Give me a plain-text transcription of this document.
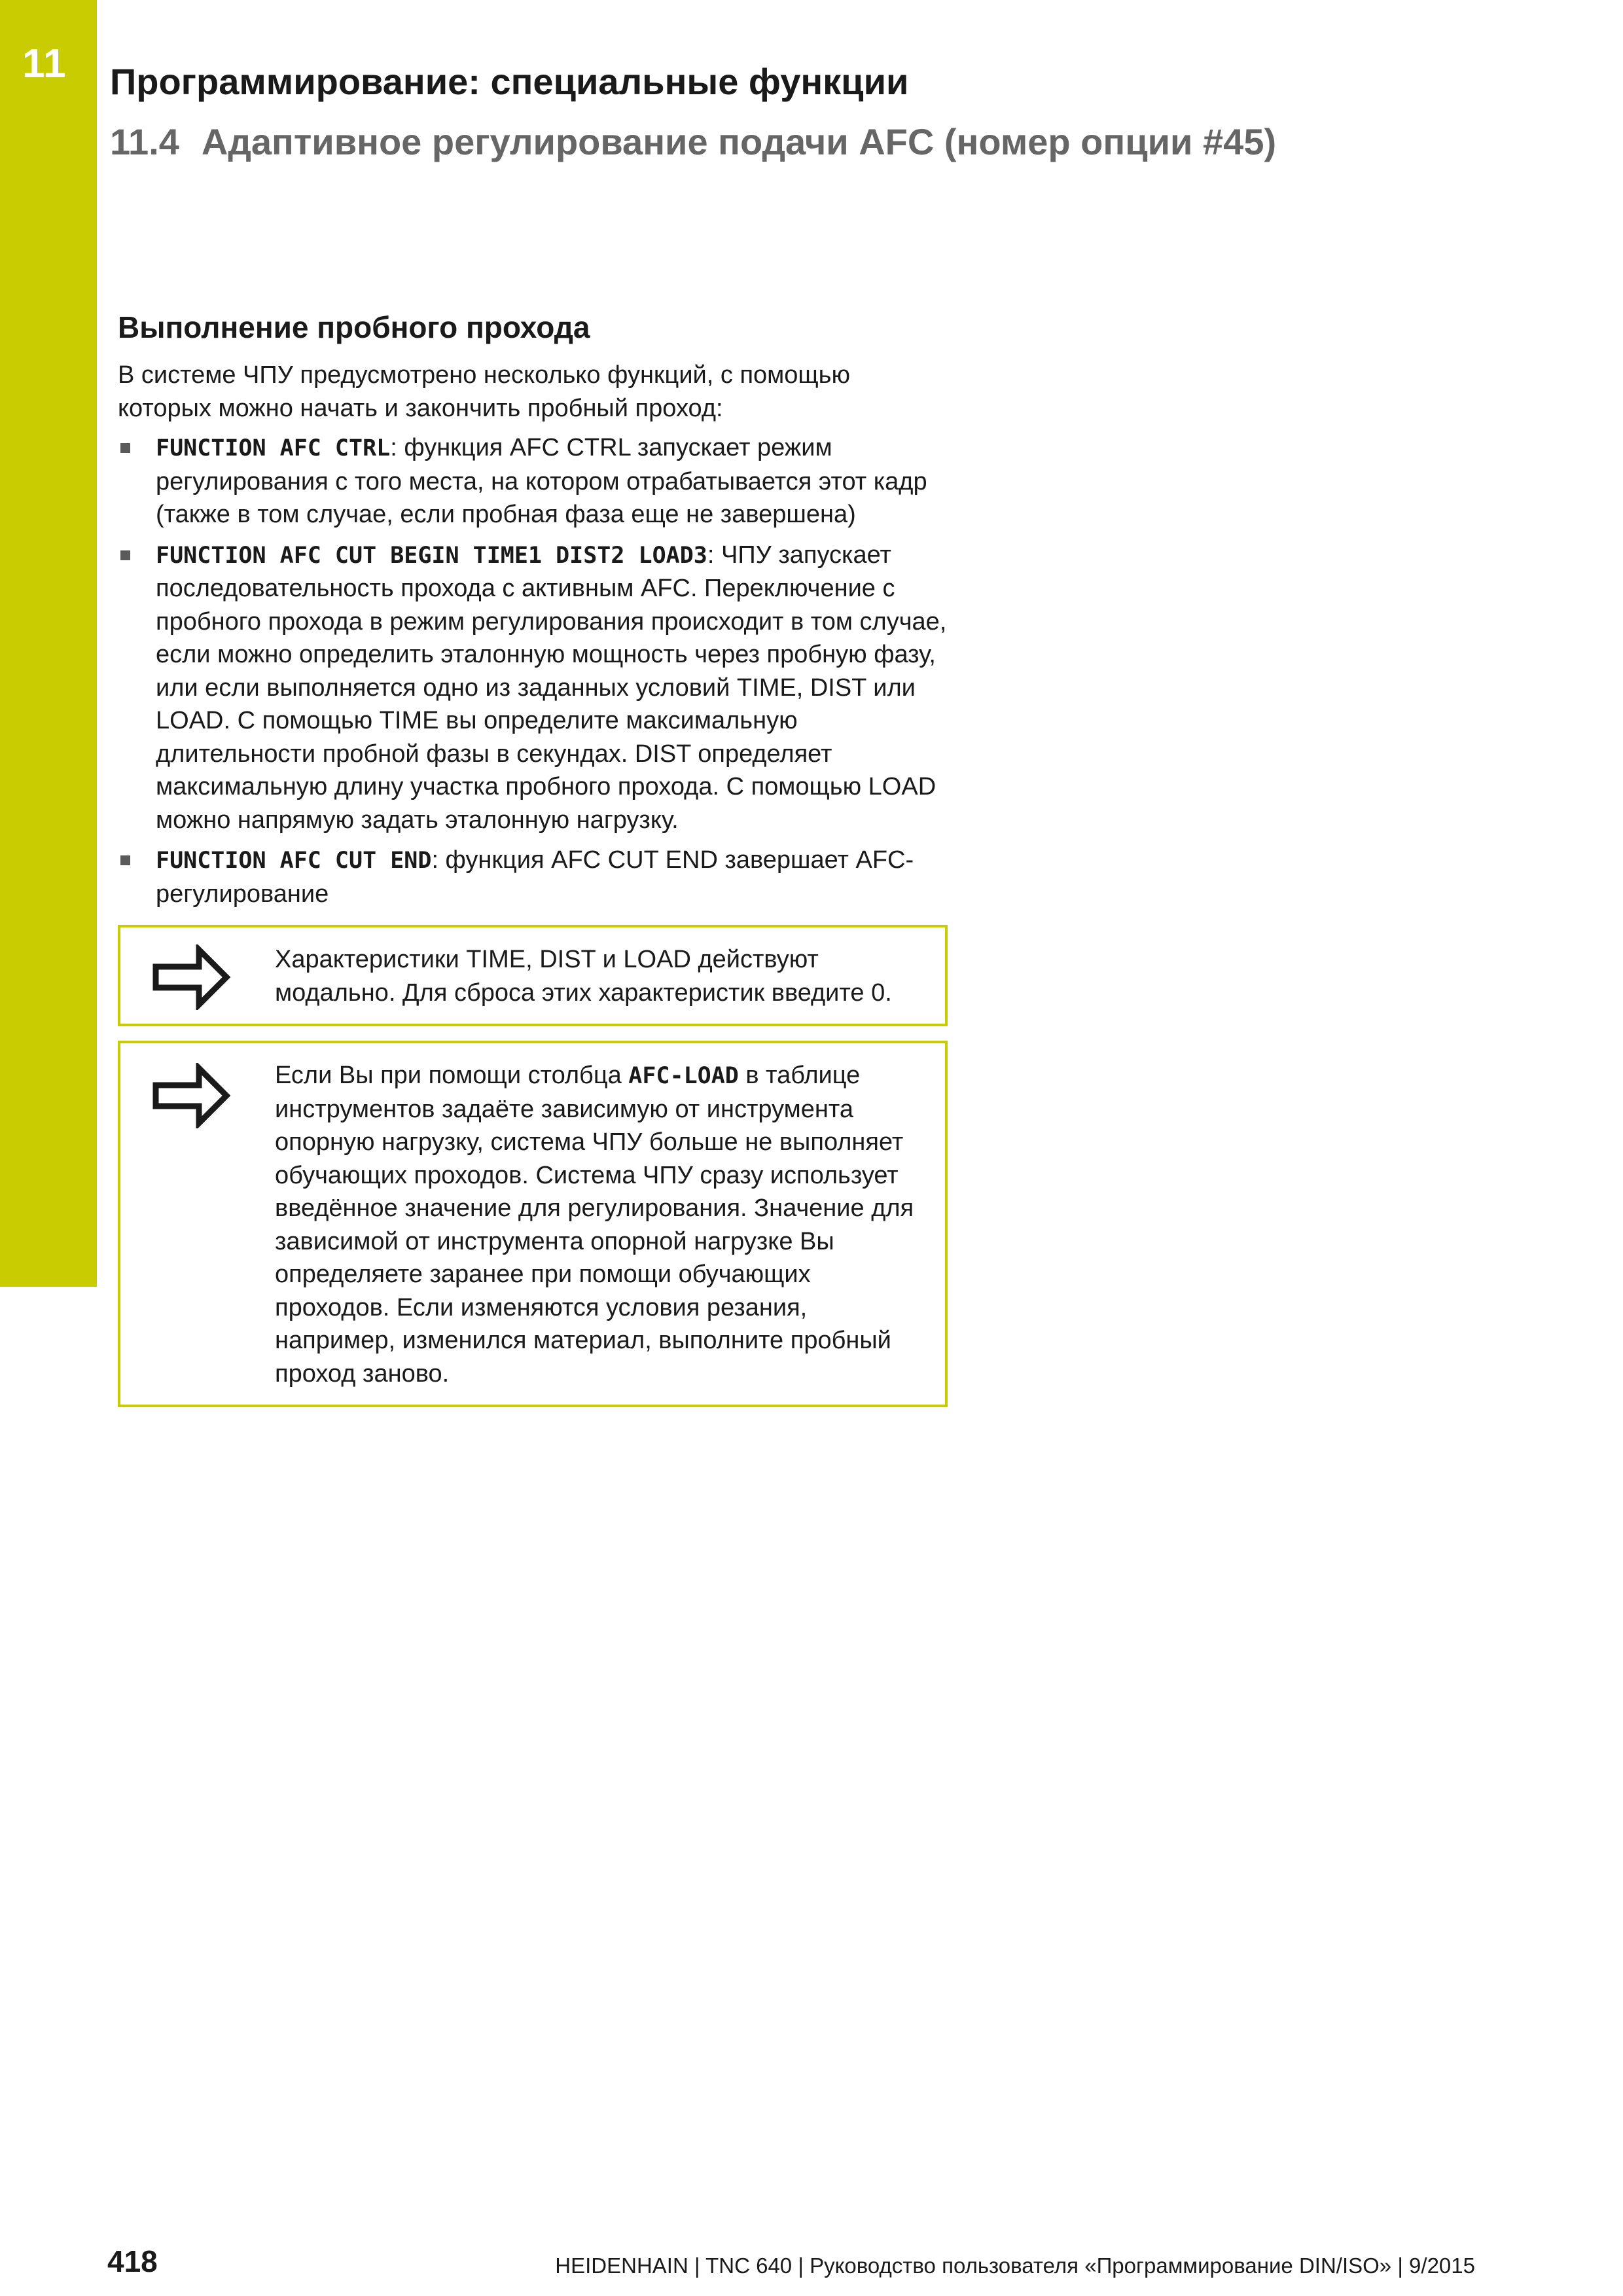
11 Программирование: специальные функции
11.4 Адаптивное регулирование подачи AFC (номер опции #45)
Выполнение пробного прохода

В системе ЧПУ предусмотрено несколько функций, с помощью которых можно начать и закончить пробный проход:

FUNCTION AFC CTRL: функция AFC CTRL запускает режим регулирования с того места, на котором отрабатывается этот кадр (также в том случае, если пробная фаза еще не завершена)
FUNCTION AFC CUT BEGIN TIME1 DIST2 LOAD3: ЧПУ запускает последовательность прохода с активным AFC. Переключение с пробного прохода в режим регулирования происходит в том случае, если можно определить эталонную мощность через пробную фазу, или если выполняется одно из заданных условий TIME, DIST или LOAD. С помощью TIME вы определите максимальную длительности пробной фазы в секундах. DIST определяет максимальную длину участка пробного прохода. С помощью LOAD можно напрямую задать эталонную нагрузку.
FUNCTION AFC CUT END: функция AFC CUT END завершает AFC-регулирование

Характеристики TIME, DIST и LOAD действуют модально. Для сброса этих характеристик введите 0.

Если Вы при помощи столбца AFC-LOAD в таблице инструментов задаёте зависимую от инструмента опорную нагрузку, система ЧПУ больше не выполняет обучающих проходов. Система ЧПУ сразу использует введённое значение для регулирования. Значение для зависимой от инструмента опорной нагрузке Вы определяете заранее при помощи обучающих проходов. Если изменяются условия резания, например, изменился материал, выполните пробный проход заново.

418	HEIDENHAIN | TNC 640 | Руководство пользователя «Программирование DIN/ISO» | 9/2015
